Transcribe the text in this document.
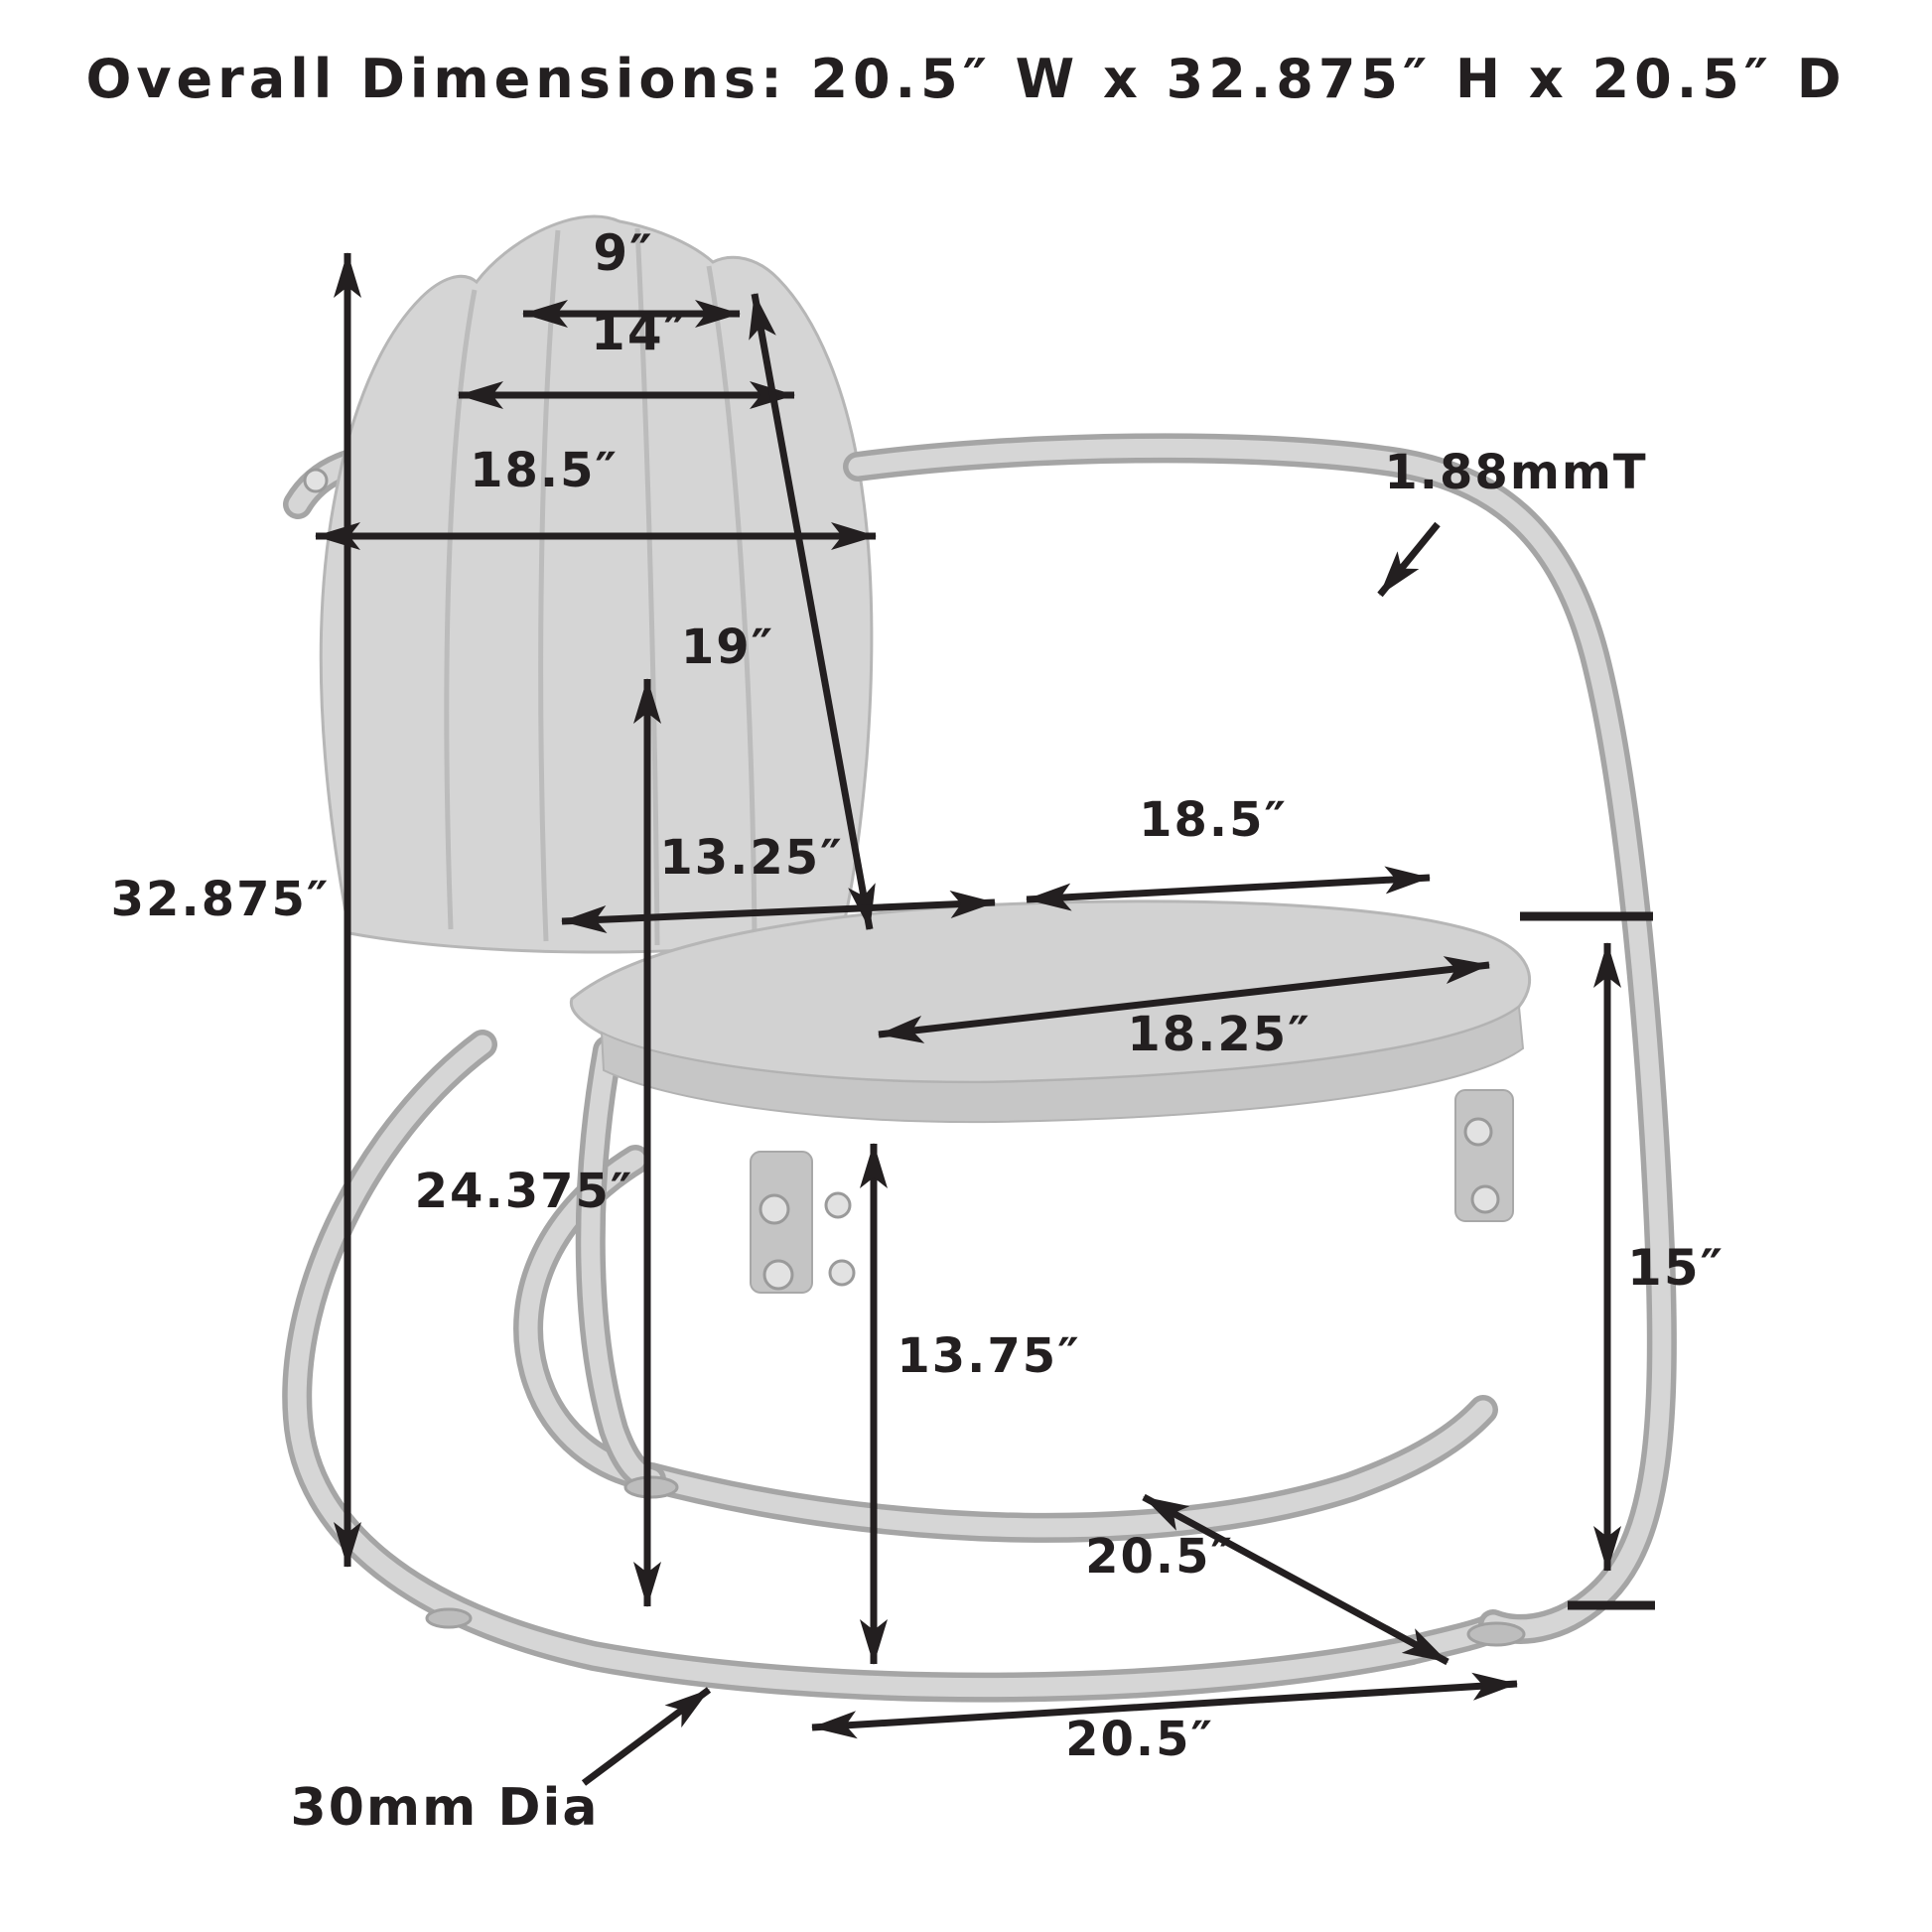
Overall Dimensions: 20.5″ W x 32.875″ H x 20.5″ D
9″
14″
18.5″
19″
1.88mmT
32.875″
13.25″
18.5″
18.25″
24.375″
13.75″
15″
20.5″
20.5″
30mm Dia
